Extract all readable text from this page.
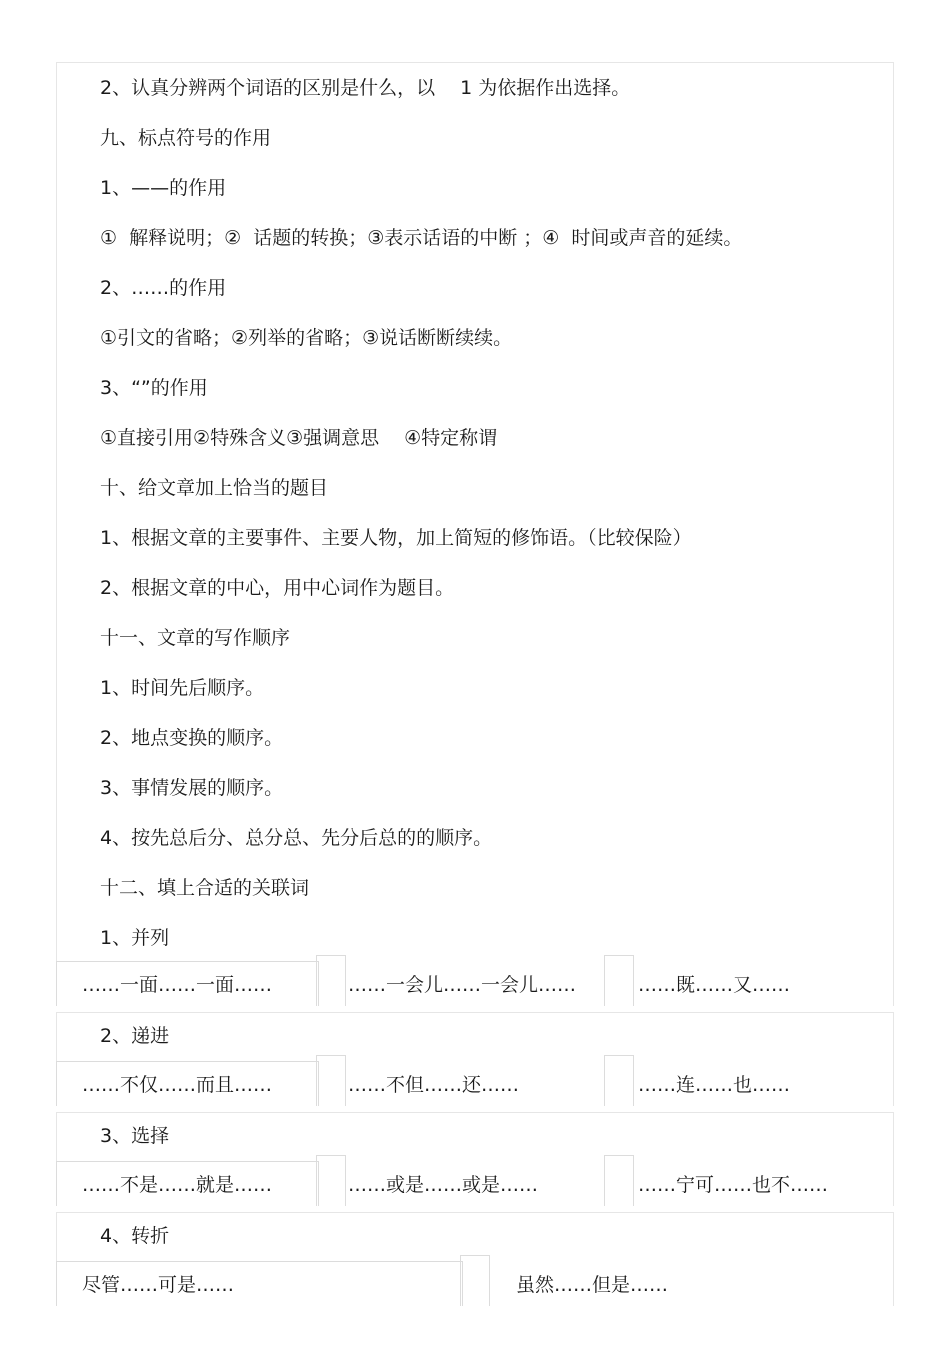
2、认真分辨两个词语的区别是什么，以　 1 为依据作出选择。
九、标点符号的作用
1、——的作用
①  解释说明；②  话题的转换；③表示话语的中断 ；④  时间或声音的延续。
2、……的作用
①引文的省略；②列举的省略；③说话断断续续。
3、“”的作用
①直接引用②特殊含义③强调意思　 ④特定称谓
十、给文章加上恰当的题目
1、根据文章的主要事件、主要人物，加上简短的修饰语。（比较保险）
2、根据文章的中心，用中心词作为题目。
十一、文章的写作顺序
1、时间先后顺序。
2、地点变换的顺序。
3、事情发展的顺序。
4、按先总后分、总分总、先分后总的的顺序。
十二、填上合适的关联词
1、并列
……一面……一面……	……一会儿……一会儿……	……既……又……
2、递进
……不仅……而且……	……不但……还……	……连……也……
3、选择
……不是……就是……	……或是……或是……	……宁可……也不……
4、转折
尽管……可是……	虽然……但是……
